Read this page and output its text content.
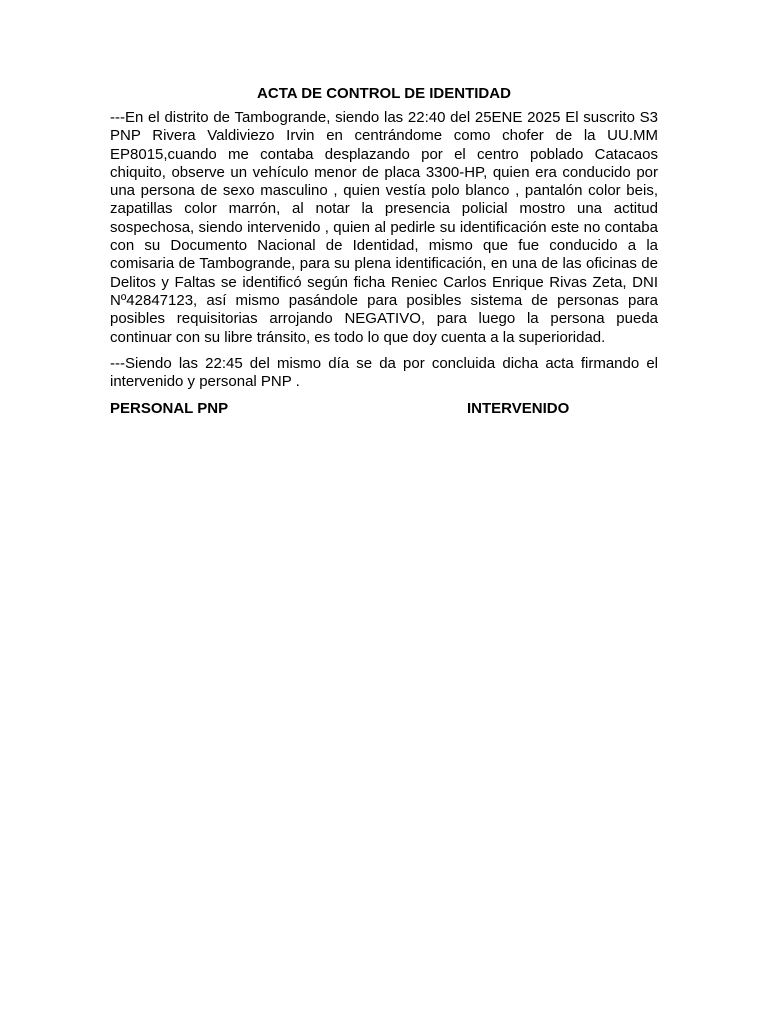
ACTA DE CONTROL DE IDENTIDAD

---En el distrito de Tambogrande, siendo las 22:40 del 25ENE 2025 El suscrito S3 PNP Rivera Valdiviezo Irvin en centrándome como chofer de la UU.MM EP8015,cuando me contaba desplazando por el centro poblado Catacaos chiquito, observe un vehículo menor de placa 3300-HP, quien era conducido por una persona de sexo masculino , quien vestía polo blanco , pantalón color beis, zapatillas color marrón, al notar la presencia policial mostro una actitud sospechosa, siendo intervenido , quien al pedirle su identificación este no contaba con su Documento Nacional de Identidad, mismo que fue conducido a la comisaria de Tambogrande, para su plena identificación, en una de las oficinas de Delitos y Faltas se identificó según ficha Reniec Carlos Enrique Rivas Zeta, DNI Nº42847123, así mismo pasándole para posibles sistema de personas para posibles requisitorias arrojando NEGATIVO, para luego la persona pueda continuar con su libre tránsito, es todo lo que doy cuenta a la superioridad.

---Siendo las 22:45 del mismo día se da por concluida dicha acta firmando el intervenido y personal PNP .

PERSONAL PNP	INTERVENIDO
